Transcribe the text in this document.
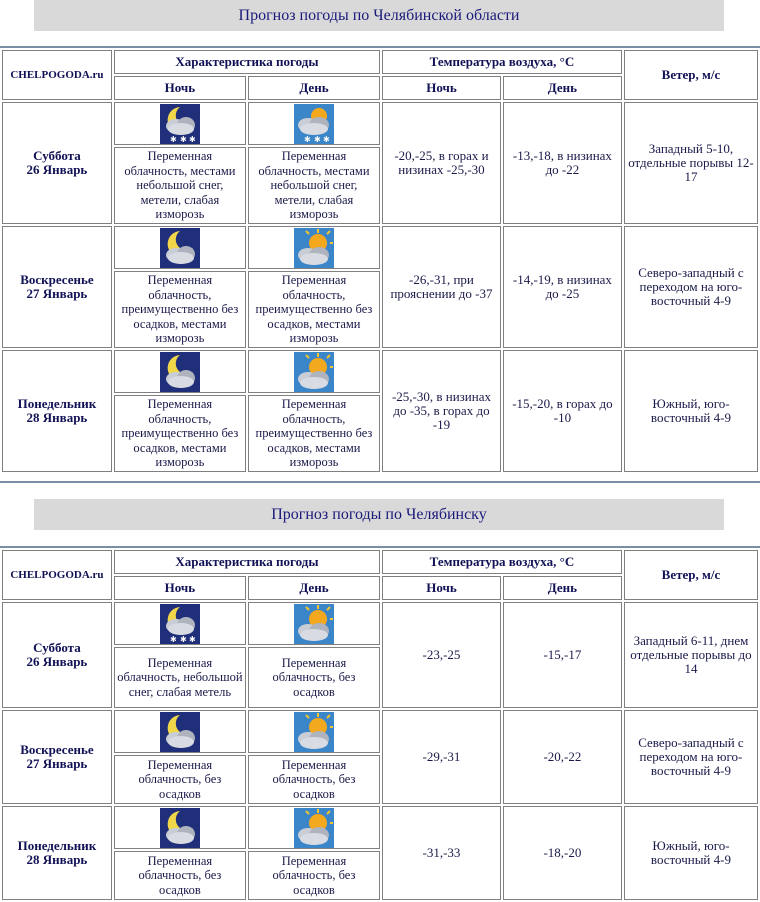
Прогноз погоды по Челябинской области
CHELPOGODA.ru	Характеристика погоды		Температура воздуха, °С		Ветер, м/с
	Ночь	День	Ночь	День	
Суббота
26 Январь	✱ ✱ ✱	✱ ✱ ✱	-20,-25, в горах и низинах -25,-30	-13,-18, в низинах до -22	Западный 5-10, отдельные порывы 12-17
	Переменная облачность, местами небольшой снег, метели, слабая изморозь	Переменная облачность, местами небольшой снег, метели, слабая изморозь			
Воскресенье
27 Январь			-26,-31, при прояснении до -37	-14,-19, в низинах до -25	Северо-западный с переходом на юго-восточный 4-9
	Переменная облачность, преимущественно без осадков, местами изморозь	Переменная облачность, преимущественно без осадков, местами изморозь			
Понедельник
28 Январь			-25,-30, в низинах до -35, в горах до -19	-15,-20, в горах до -10	Южный, юго-восточный 4-9
	Переменная облачность, преимущественно без осадков, местами изморозь	Переменная облачность, преимущественно без осадков, местами изморозь			
Прогноз погоды по Челябинску
CHELPOGODA.ru	Характеристика погоды		Температура воздуха, °С		Ветер, м/с
	Ночь	День	Ночь	День	
Суббота
26 Январь	✱ ✱ ✱		-23,-25	-15,-17	Западный 6-11, днем отдельные порывы до 14
	Переменная облачность, небольшой снег, слабая метель	Переменная облачность, без осадков			
Воскресенье
27 Январь			-29,-31	-20,-22	Северо-западный с переходом на юго-восточный 4-9
	Переменная облачность, без осадков	Переменная облачность, без осадков			
Понедельник
28 Январь			-31,-33	-18,-20	Южный, юго-восточный 4-9
	Переменная облачность, без осадков	Переменная облачность, без осадков			
